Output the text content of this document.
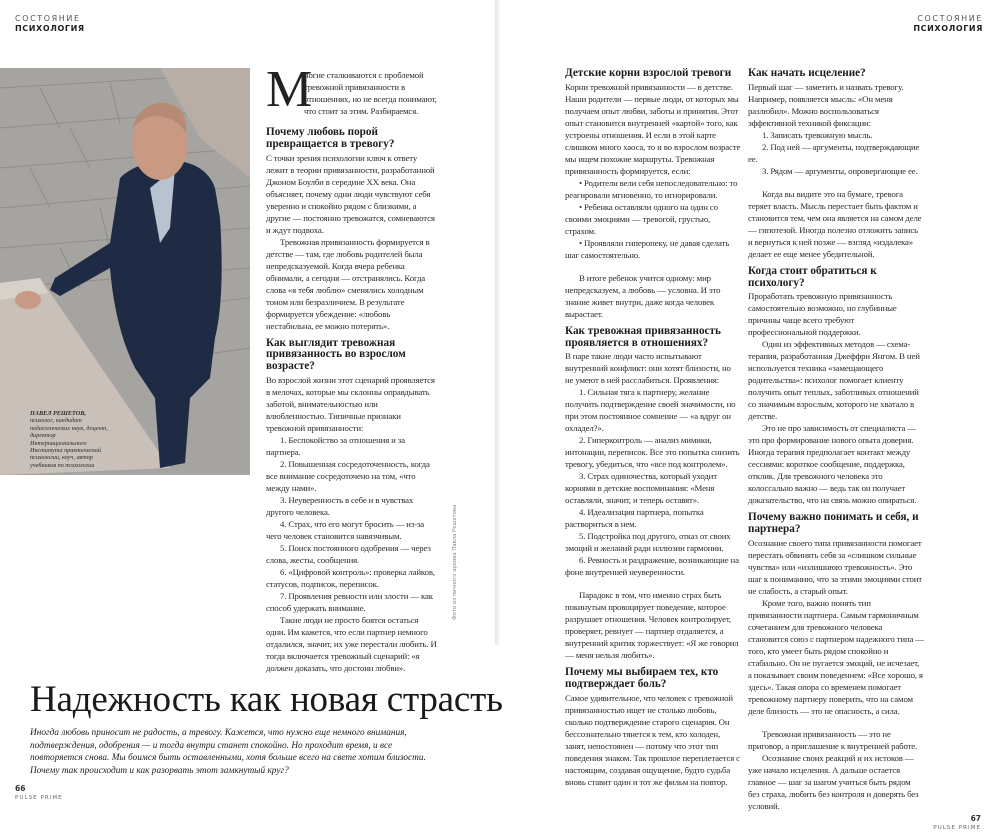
СОСТОЯНИЕ
ПСИХОЛОГИЯ
ПАВЕЛ РЕШЕТОВ, психолог, кандидат педагогических наук, доцент, директор Интернационального Института практической психологии, коуч, автор учебников по психологии
Фото из личного архива Павла Решетова
М
ногие сталкиваются с проблемой тревожной привязанности в отношениях, но не всегда понимают, что стоит за этим. Разбираемся.
Почему любовь порой превращается в тревогу?
С точки зрения психологии ключ к ответу лежит в теории привязанности, разработанной Джоном Боулби в середине XX века. Она объясняет, почему одни люди чувствуют себя уверенно и спокойно рядом с близкими, а другие — постоянно тревожатся, сомневаются и ждут подвоха.
Тревожная привязанность формируется в детстве — там, где любовь родителей была непредсказуемой. Когда вчера ребенка обнимали, а сегодня — отстранялись. Когда слова «я тебя люблю» сменялись холодным тоном или безразличием. В результате формируется убеждение: «любовь нестабильна, ее можно потерять».
Как выглядит тревожная привязанность во взрослом возрасте?
Во взрослой жизни этот сценарий проявляется в мелочах, которые мы склонны оправдывать заботой, внимательностью или влюбленностью. Типичные признаки тревожной привязанности:
1. Беспокойство за отношения и за партнера.
2. Повышенная сосредоточенность, когда все внимание сосредоточено на том, «что между нами».
3. Неуверенность в себе и в чувствах другого человека.
4. Страх, что его могут бросить — из-за чего человек становится навязчивым.
5. Поиск постоянного одобрения — через слова, жесты, сообщения.
6. «Цифровой контроль»: проверка лайков, статусов, подписок, переписок.
7. Проявления ревности или злости — как способ удержать внимание.
Такие люди не просто боятся остаться одни. Им кажется, что если партнер немного отдалился, значит, их уже перестали любить. И тогда включается тревожный сценарий: «я должен доказать, что достоин любви».
Надежность как новая страсть
Иногда любовь приносит не радость, а тревогу. Кажется, что нужно еще немного внимания, подтверждения, одобрения — и тогда внутри станет спокойно. Но проходит время, и все повторяется снова. Мы боимся быть оставленными, хотя больше всего на свете хотим близости. Почему так происходит и как разорвать этот замкнутый круг?
66
PULSE PRIME
СОСТОЯНИЕ
ПСИХОЛОГИЯ
Детские корни взрослой тревоги
Корни тревожной привязанности — в детстве. Наши родители — первые люди, от которых мы получаем опыт любви, заботы и принятия. Этот опыт становится внутренней «картой» того, как устроены отношения. И если в этой карте слишком много хаоса, то и во взрослом возрасте мы ищем похожие маршруты. Тревожная привязанность формируется, если:
• Родители вели себя непоследовательно: то реагировали мгновенно, то игнорировали.
• Ребенка оставляли одного на один со своими эмоциями — тревогой, грустью, страхом.
• Проявляли гиперопеку, не давая сделать шаг самостоятельно.
В итоге ребенок учится одному: мир непредсказуем, а любовь — условна. И это знание живет внутри, даже когда человек вырастает.
Как тревожная привязанность проявляется в отношениях?
В паре такие люди часто испытывают внутренний конфликт: они хотят близости, но не умеют в ней расслабиться. Проявления:
1. Сильная тяга к партнеру, желание получить подтверждение своей значимости, но при этом постоянное сомнение — «а вдруг он охладел?».
2. Гиперконтроль — анализ мимики, интонации, переписок. Все это попытка снизить тревогу, убедиться, что «все под контролем».
3. Страх одиночества, который уходит корнями в детские воспоминания: «Меня оставляли, значит, и теперь оставят».
4. Идеализация партнера, попытка раствориться в нем.
5. Подстройка под другого, отказ от своих эмоций и желаний ради иллюзии гармонии.
6. Ревность и раздражение, возникающие на фоне внутренней неуверенности.
Парадокс в том, что именно страх быть покинутым провоцирует поведение, которое разрушает отношения. Человек контролирует, проверяет, ревнует — партнер отдаляется, а внутренний критик торжествует: «Я же говорил — меня нельзя любить».
Почему мы выбираем тех, кто подтверждает боль?
Самое удивительное, что человек с тревожной привязанностью ищет не столько любовь, сколько подтверждение старого сценария. Он бессознательно тянется к тем, кто холоден, занят, непостоянен — потому что этот тип поведения знаком. Так прошлое переплетается с настоящим, создавая ощущение, будто судьба вновь ставит один и тот же фильм на повтор.
Как начать исцеление?
Первый шаг — заметить и назвать тревогу. Например, появляется мысль: «Он меня разлюбил». Можно воспользоваться эффективной техникой фиксации:
1. Записать тревожную мысль.
2. Под ней — аргументы, подтверждающие ее.
3. Рядом — аргументы, опровергающие ее.
Когда вы видите это на бумаге, тревога теряет власть. Мысль перестает быть фактом и становится тем, чем она является на самом деле — гипотезой. Иногда полезно отложить запись и вернуться к ней позже — взгляд «издалека» делает ее еще менее убедительной.
Когда стоит обратиться к психологу?
Проработать тревожную привязанность самостоятельно возможно, но глубинные причины чаще всего требуют профессиональной поддержки.
Один из эффективных методов — схема-терапия, разработанная Джеффри Янгом. В ней используется техника «замещающего родительства»: психолог помогает клиенту получить опыт теплых, заботливых отношений со значимым взрослым, которого не хватало в детстве.
Это не про зависимость от специалиста — это про формирование нового опыта доверия. Иногда терапия предполагает контакт между сессиями: короткое сообщение, поддержка, отклик. Для тревожного человека это колоссально важно — ведь так он получает доказательство, что на связь можно опираться.
Почему важно понимать и себя, и партнера?
Осознание своего типа привязанности помогает перестать обвинять себя за «слишком сильные чувства» или «излишнюю тревожность». Это шаг к пониманию, что за этими эмоциями стоит не слабость, а старый опыт.
Кроме того, важно понять тип привязанности партнера. Самым гармоничным сочетанием для тревожного человека становится союз с партнером надежного типа — того, кто умеет быть рядом спокойно и стабильно. Он не пугается эмоций, не исчезает, а показывает своим поведением: «Все хорошо, я здесь». Такая опора со временем помогает тревожному партнеру поверить, что на самом деле близость — это не опасность, а сила.
Тревожная привязанность — это не приговор, а приглашение к внутренней работе.
Осознание своих реакций и их истоков — уже начало исцеления. А дальше остается главное — шаг за шагом учиться быть рядом без страха, любить без контроля и доверять без условий.
67
PULSE PRIME
